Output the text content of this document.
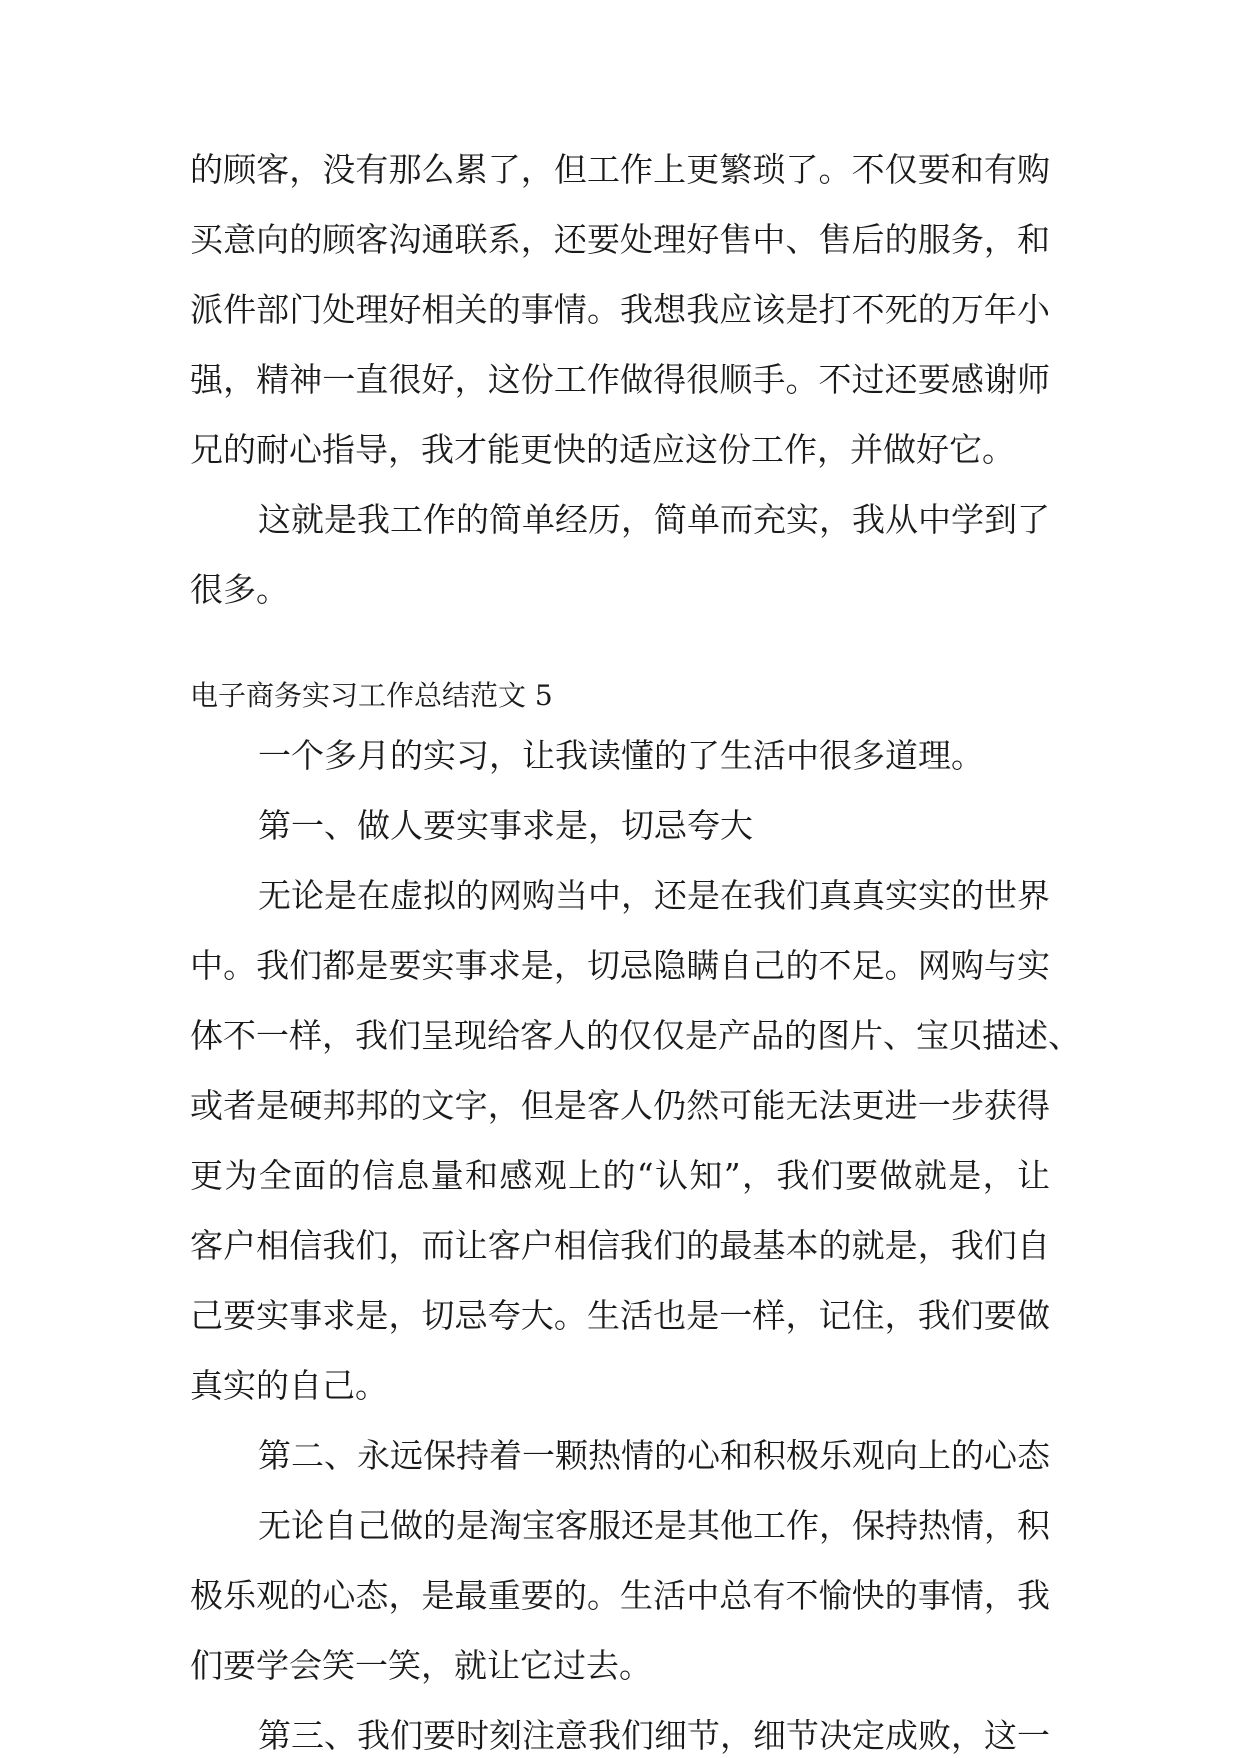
的顾客，没有那么累了，但工作上更繁琐了。不仅要和有购
买意向的顾客沟通联系，还要处理好售中、售后的服务，和
派件部门处理好相关的事情。我想我应该是打不死的万年小
强，精神一直很好，这份工作做得很顺手。不过还要感谢师
兄的耐心指导，我才能更快的适应这份工作，并做好它。
这就是我工作的简单经历，简单而充实，我从中学到了
很多。
电子商务实习工作总结范文 5
一个多月的实习，让我读懂的了生活中很多道理。
第一、做人要实事求是，切忌夸大
无论是在虚拟的网购当中，还是在我们真真实实的世界
中。我们都是要实事求是，切忌隐瞒自己的不足。网购与实
体不一样，我们呈现给客人的仅仅是产品的图片、宝贝描述、
或者是硬邦邦的文字，但是客人仍然可能无法更进一步获得
更为全面的信息量和感观上的“认知”，我们要做就是，让
客户相信我们，而让客户相信我们的最基本的就是，我们自
己要实事求是，切忌夸大。生活也是一样，记住，我们要做
真实的自己。
第二、永远保持着一颗热情的心和积极乐观向上的心态
无论自己做的是淘宝客服还是其他工作，保持热情，积
极乐观的心态，是最重要的。生活中总有不愉快的事情，我
们要学会笑一笑，就让它过去。
第三、我们要时刻注意我们细节，细节决定成败，这一
